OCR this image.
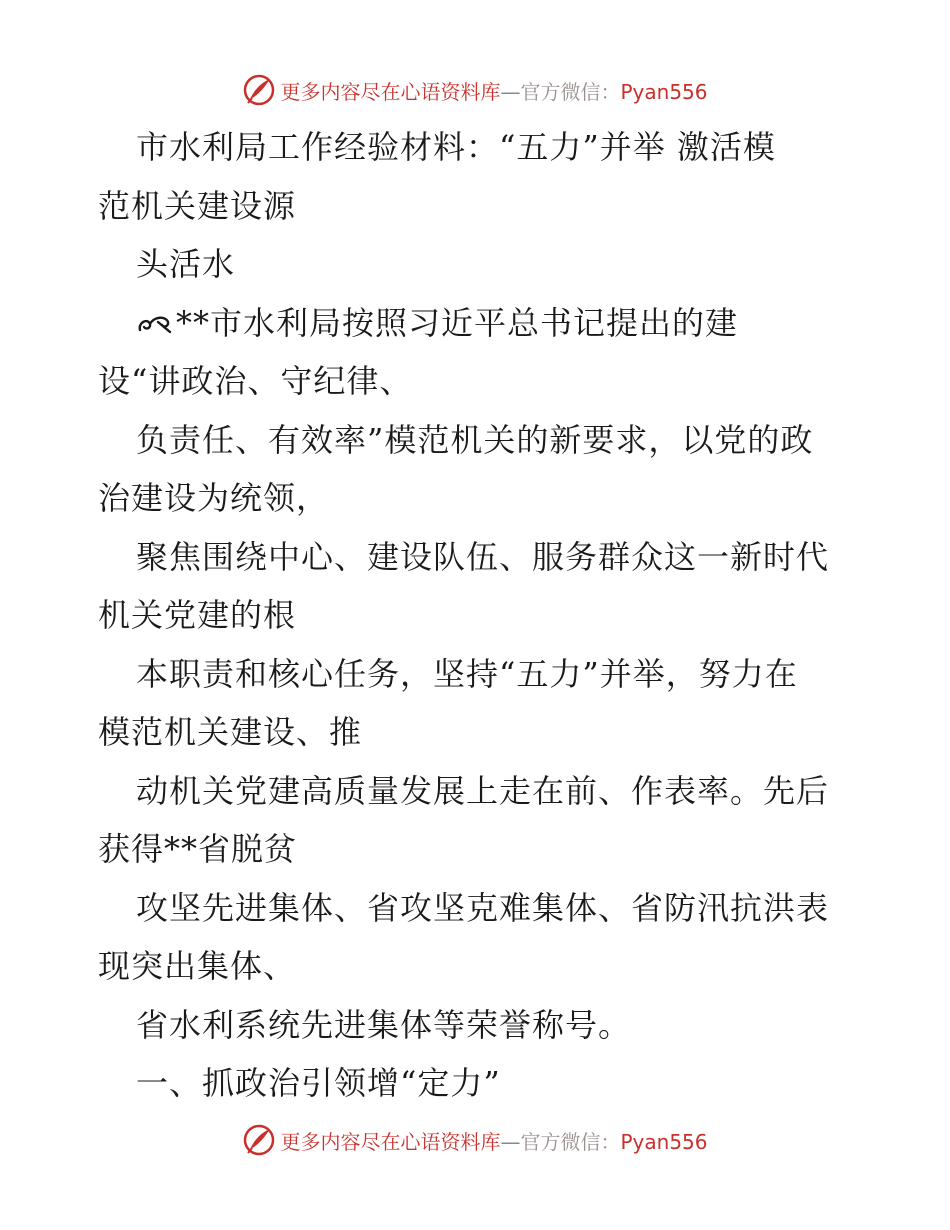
更多内容尽在心语资料库—官方微信：Pyan556
市水利局工作经验材料：“五力”并举 激活模
范机关建设源
头活水
**市水利局按照习近平总书记提出的建
设“讲政治、守纪律、
负责任、有效率”模范机关的新要求，以党的政
治建设为统领，
聚焦围绕中心、建设队伍、服务群众这一新时代
机关党建的根
本职责和核心任务，坚持“五力”并举，努力在
模范机关建设、推
动机关党建高质量发展上走在前、作表率。先后
获得**省脱贫
攻坚先进集体、省攻坚克难集体、省防汛抗洪表
现突出集体、
省水利系统先进集体等荣誉称号。
一、抓政治引领增“定力”
更多内容尽在心语资料库—官方微信：Pyan556
